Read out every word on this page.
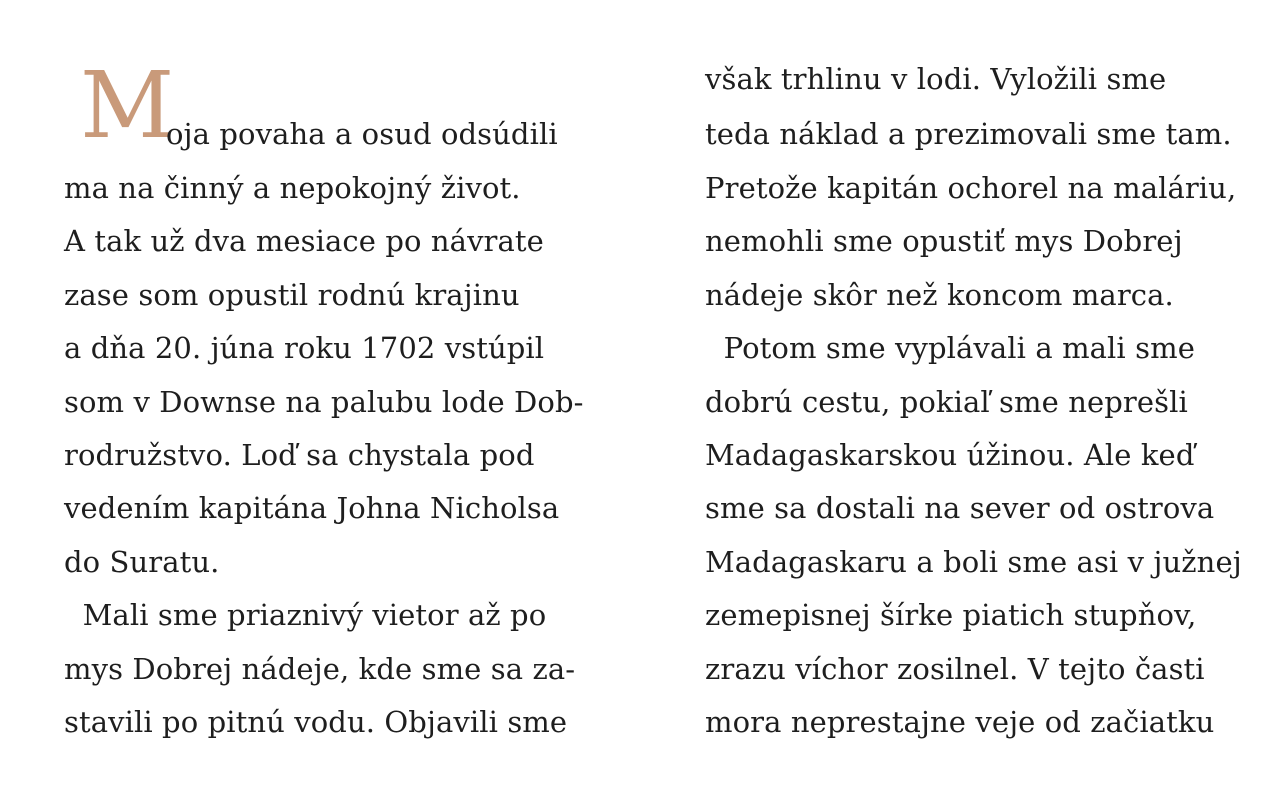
M
oja povaha a osud odsúdili
ma na činný a nepokojný život.
A tak už dva mesiace po návrate
zase som opustil rodnú krajinu
a dňa 20. júna roku 1702 vstúpil
som v Downse na palubu lode Dob-
rodružstvo. Loď sa chystala pod
vedením kapitána Johna Nicholsa
do Suratu.
Mali sme priaznivý vietor až po
mys Dobrej nádeje, kde sme sa za-
stavili po pitnú vodu. Objavili sme
však trhlinu v lodi. Vyložili sme
teda náklad a prezimovali sme tam.
Pretože kapitán ochorel na maláriu,
nemohli sme opustiť mys Dobrej
nádeje skôr než koncom marca.
Potom sme vyplávali a mali sme
dobrú cestu, pokiaľ sme neprešli
Madagaskarskou úžinou. Ale keď
sme sa dostali na sever od ostrova
Madagaskaru a boli sme asi v južnej
zemepisnej šírke piatich stupňov,
zrazu víchor zosilnel. V tejto časti
mora neprestajne veje od začiatku
